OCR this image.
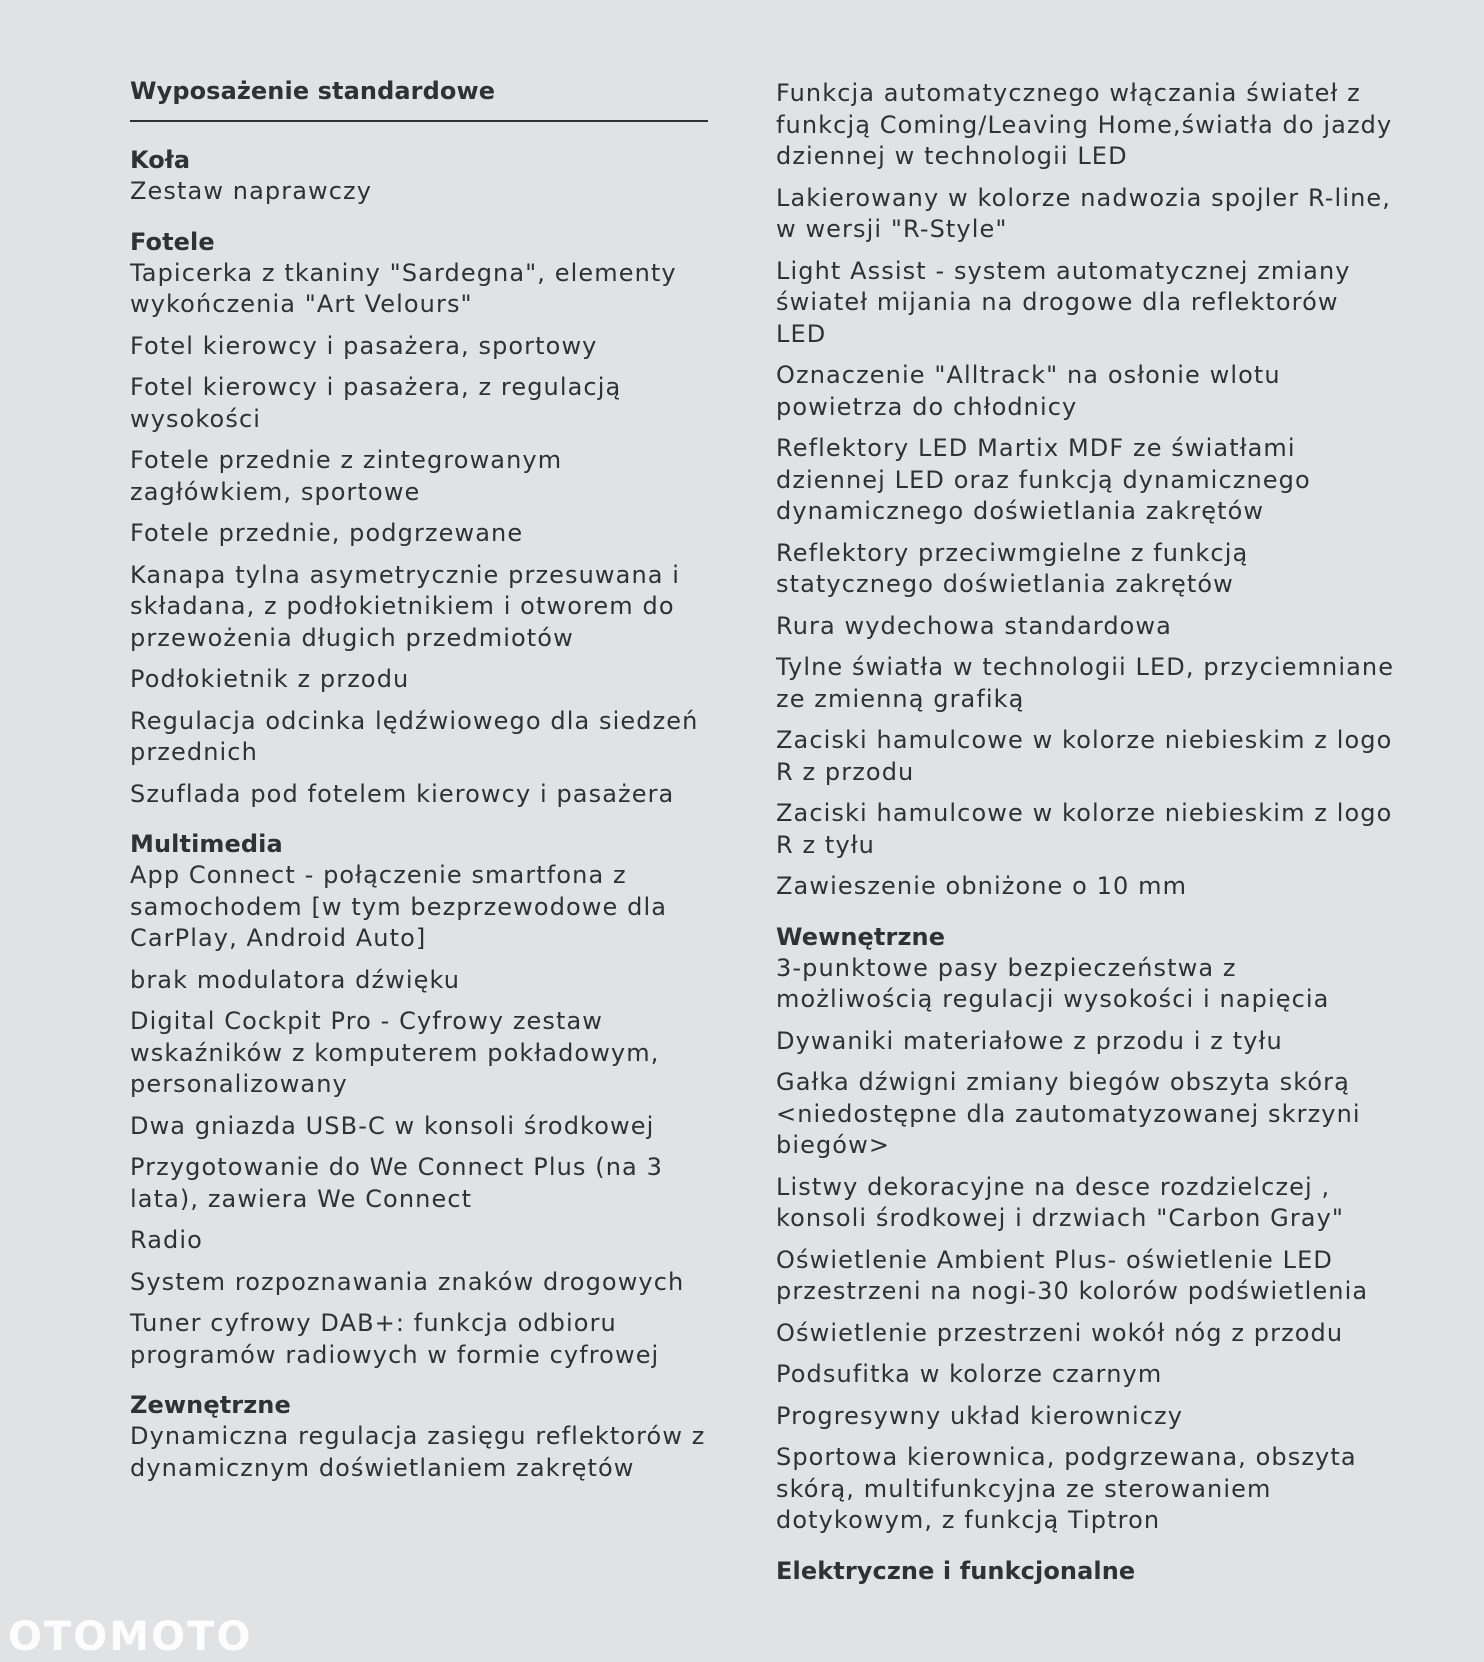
Wyposażenie standardowe
Koła
Zestaw naprawczy
Fotele
Tapicerka z tkaniny "Sardegna", elementy wykończenia "Art Velours"
Fotel kierowcy i pasażera, sportowy
Fotel kierowcy i pasażera, z regulacją wysokości
Fotele przednie z zintegrowanym zagłówkiem, sportowe
Fotele przednie, podgrzewane
Kanapa tylna asymetrycznie przesuwana i składana, z podłokietnikiem i otworem do przewożenia długich przedmiotów
Podłokietnik z przodu
Regulacja odcinka lędźwiowego dla siedzeń przednich
Szuflada pod fotelem kierowcy i pasażera
Multimedia
App Connect - połączenie smartfona z samochodem [w tym bezprzewodowe dla CarPlay, Android Auto]
brak modulatora dźwięku
Digital Cockpit Pro - Cyfrowy zestaw wskaźników z komputerem pokładowym, personalizowany
Dwa gniazda USB-C w konsoli środkowej
Przygotowanie do We Connect Plus (na 3 lata), zawiera We Connect
Radio
System rozpoznawania znaków drogowych
Tuner cyfrowy DAB+: funkcja odbioru programów radiowych w formie cyfrowej
Zewnętrzne
Dynamiczna regulacja zasięgu reflektorów z dynamicznym doświetlaniem zakrętów
Funkcja automatycznego włączania świateł z funkcją Coming/Leaving Home,światła do jazdy dziennej w technologii LED
Lakierowany w kolorze nadwozia spojler R-line, w wersji "R-Style"
Light Assist - system automatycznej zmiany świateł mijania na drogowe dla reflektorów LED
Oznaczenie "Alltrack" na osłonie wlotu powietrza do chłodnicy
Reflektory LED Martix MDF ze światłami dziennej LED oraz funkcją dynamicznego dynamicznego doświetlania zakrętów
Reflektory przeciwmgielne z funkcją statycznego doświetlania zakrętów
Rura wydechowa standardowa
Tylne światła w technologii LED, przyciemniane ze zmienną grafiką
Zaciski hamulcowe w kolorze niebieskim z logo R z przodu
Zaciski hamulcowe w kolorze niebieskim z logo R z tyłu
Zawieszenie obniżone o 10 mm
Wewnętrzne
3-punktowe pasy bezpieczeństwa z możliwością regulacji wysokości i napięcia
Dywaniki materiałowe z przodu i z tyłu
Gałka dźwigni zmiany biegów obszyta skórą <niedostępne dla zautomatyzowanej skrzyni biegów>
Listwy dekoracyjne na desce rozdzielczej , konsoli środkowej i drzwiach "Carbon Gray"
Oświetlenie Ambient Plus- oświetlenie LED przestrzeni na nogi-30 kolorów podświetlenia
Oświetlenie przestrzeni wokół nóg z przodu
Podsufitka w kolorze czarnym
Progresywny układ kierowniczy
Sportowa kierownica, podgrzewana, obszyta skórą, multifunkcyjna ze sterowaniem dotykowym, z funkcją Tiptron
Elektryczne i funkcjonalne
OTOMOTO
